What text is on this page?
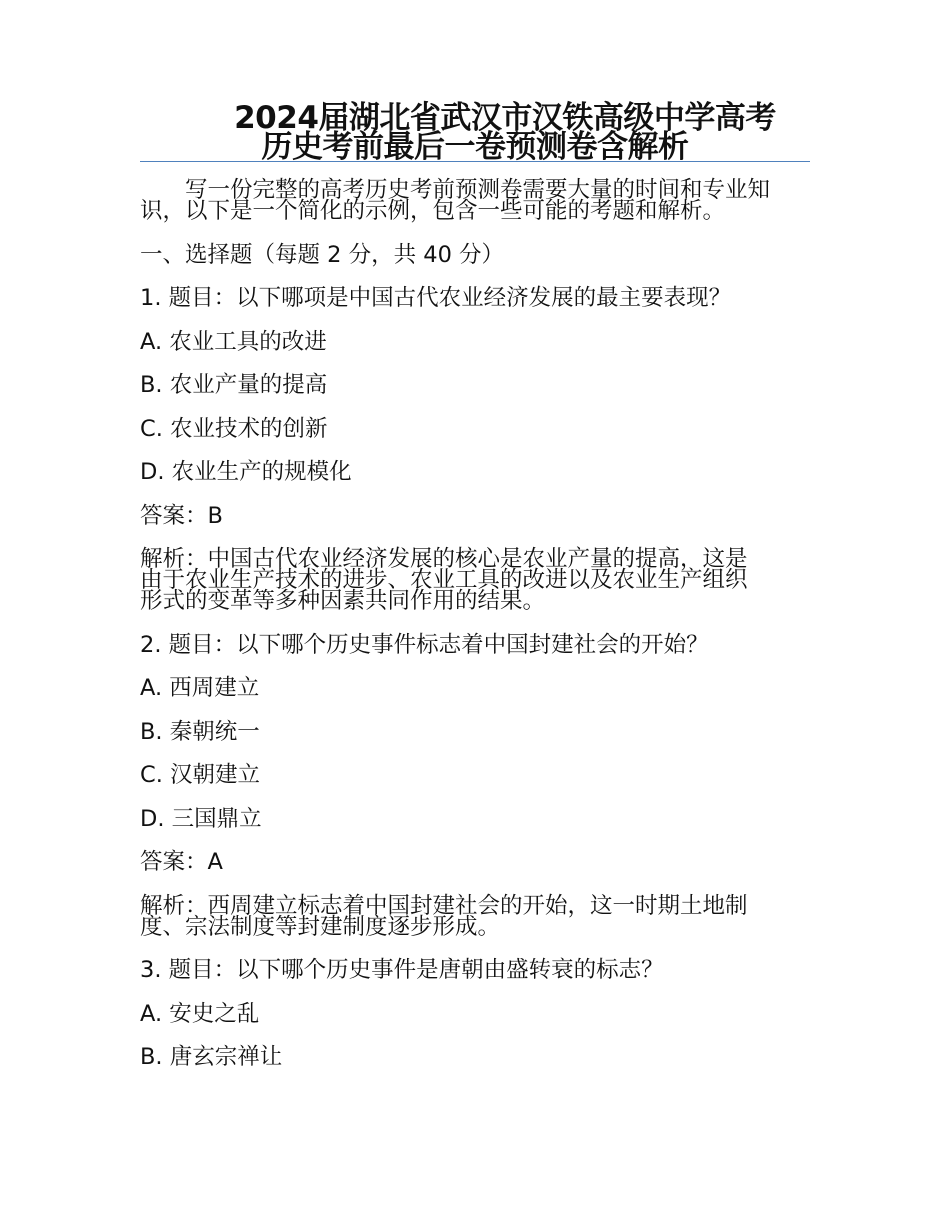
2024届湖北省武汉市汉铁高级中学高考
历史考前最后一卷预测卷含解析

写一份完整的高考历史考前预测卷需要大量的时间和专业知识，以下是一个简化的示例，包含一些可能的考题和解析。

一、选择题（每题 2 分，共 40 分）

1. 题目：以下哪项是中国古代农业经济发展的最主要表现？

A. 农业工具的改进

B. 农业产量的提高

C. 农业技术的创新

D. 农业生产的规模化

答案：B

解析：中国古代农业经济发展的核心是农业产量的提高，这是

由于农业生产技术的进步、农业工具的改进以及农业生产组织

形式的变革等多种因素共同作用的结果。

2. 题目：以下哪个历史事件标志着中国封建社会的开始？

A. 西周建立

B. 秦朝统一

C. 汉朝建立

D. 三国鼎立

答案：A

解析：西周建立标志着中国封建社会的开始，这一时期土地制

度、宗法制度等封建制度逐步形成。

3. 题目：以下哪个历史事件是唐朝由盛转衰的标志？

A. 安史之乱

B. 唐玄宗禅让
